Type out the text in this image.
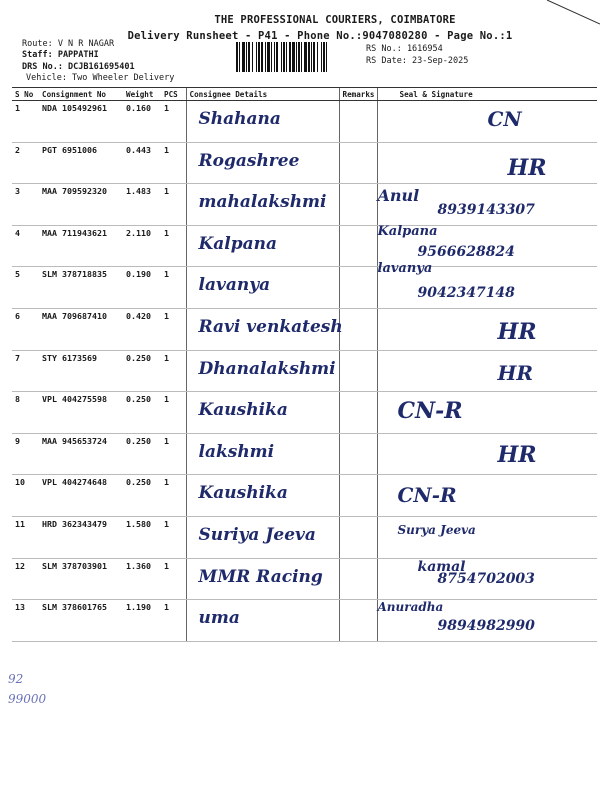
THE PROFESSIONAL COURIERS, COIMBATORE
Delivery Runsheet - P41 - Phone No.:9047080280 - Page No.:1
Route: V N R NAGAR
Staff: PAPPATHI
DRS No.: DCJB161695401
Vehicle: Two Wheeler Delivery
RS No.: 1616954
RS Date: 23-Sep-2025
S No	Consignment No	Weight	PCS	Consignee Details	Remarks	Seal & Signature
1	NDA 105492961	0.160	1	Shahana		CN

2	PGT 6951006	0.443	1	Rogashree		HR

3	MAA 709592320	1.483	1	mahalakshmi		Anul
8939143307

4	MAA 711943621	2.110	1	Kalpana		Kalpana
9566628824

5	SLM 378718835	0.190	1	lavanya		lavanya
9042347148

6	MAA 709687410	0.420	1	Ravi venkatesh		HR

7	STY 6173569	0.250	1	Dhanalakshmi		HR

8	VPL 404275598	0.250	1	Kaushika		CN-R

9	MAA 945653724	0.250	1	lakshmi		HR

10	VPL 404274648	0.250	1	Kaushika		CN-R

11	HRD 362343479	1.580	1	Suriya Jeeva		Surya Jeeva

12	SLM 378703901	1.360	1	MMR Racing		kamal
8754702003

13	SLM 378601765	1.190	1	uma		Anuradha
9894982990
92
99000
